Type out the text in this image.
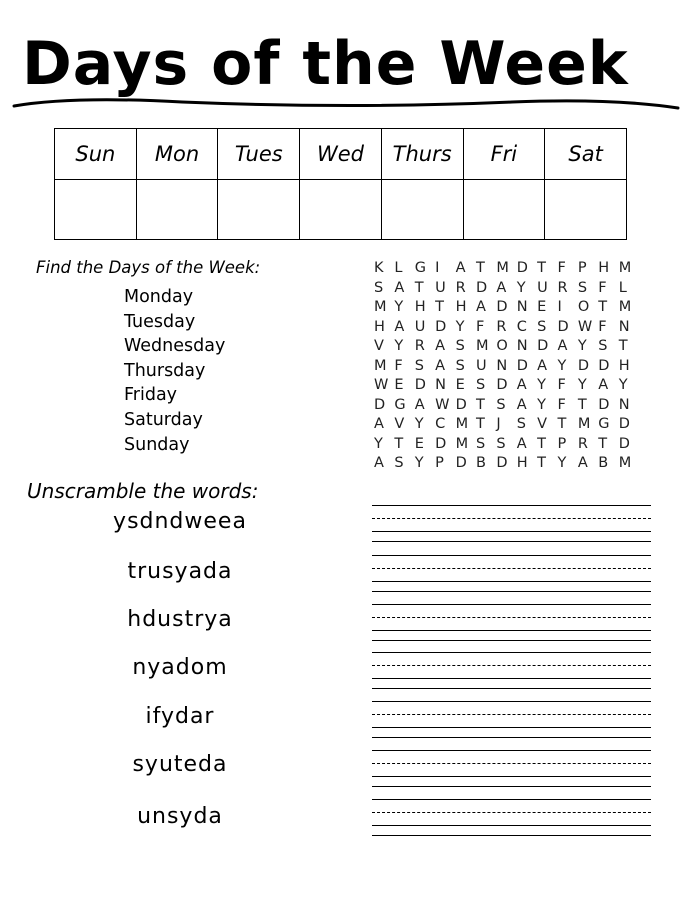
Days of the Week
Sun	Mon	Tues	Wed	Thurs	Fri	Sat

Find the Days of the Week:
Monday
Tuesday
Wednesday
Thursday
Friday
Saturday
Sunday
K L G I	A T M D T F P H M
S A T U R D A Y U R S F L
M Y H T H A D N E I	O T M
H A U D Y F R C S D W F N
V Y R A S M O N D A Y S T
M F S A S U N D A Y D D H
W E D N E S D A Y F Y A Y
D G A W D T S A Y F T D N
A V Y C M T J	S V T M G D
Y T E D M S S A T P R T D
A S Y P D B D H T Y A B M
Unscramble the words:
ysdndweea
trusyada
hdustrya
nyadom
ifydar
syuteda
unsyda
